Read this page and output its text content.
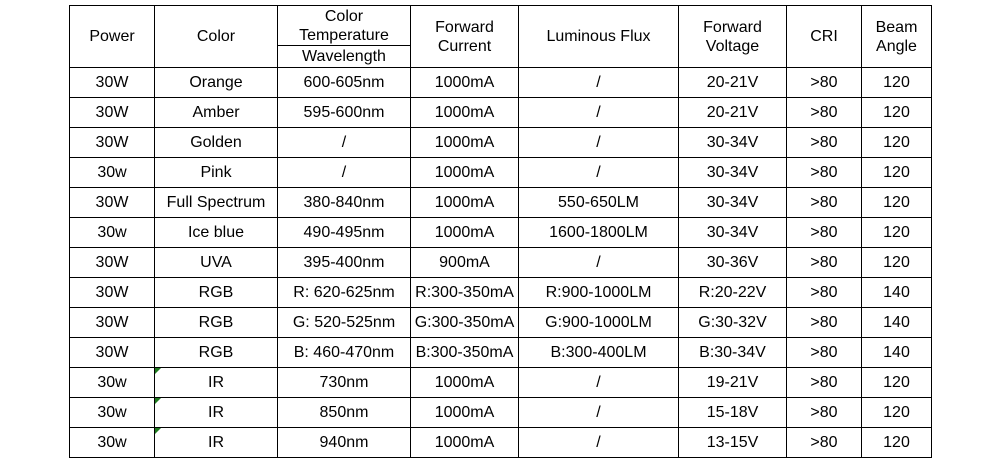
Power	Color	Color Temperature	Forward Current	Luminous Flux	Forward Voltage	CRI	Beam Angle
		Wavelength					
30W	Orange	600-605nm	1000mA	/	20-21V	>80	120
30W	Amber	595-600nm	1000mA	/	20-21V	>80	120
30W	Golden	/	1000mA	/	30-34V	>80	120
30w	Pink	/	1000mA	/	30-34V	>80	120
30W	Full Spectrum	380-840nm	1000mA	550-650LM	30-34V	>80	120
30w	Ice blue	490-495nm	1000mA	1600-1800LM	30-34V	>80	120
30W	UVA	395-400nm	900mA	/	30-36V	>80	120
30W	RGB	R: 620-625nm	R:300-350mA	R:900-1000LM	R:20-22V	>80	140
30W	RGB	G: 520-525nm	G:300-350mA	G:900-1000LM	G:30-32V	>80	140
30W	RGB	B: 460-470nm	B:300-350mA	B:300-400LM	B:30-34V	>80	140
30w	IR	730nm	1000mA	/	19-21V	>80	120
30w	IR	850nm	1000mA	/	15-18V	>80	120
30w	IR	940nm	1000mA	/	13-15V	>80	120
